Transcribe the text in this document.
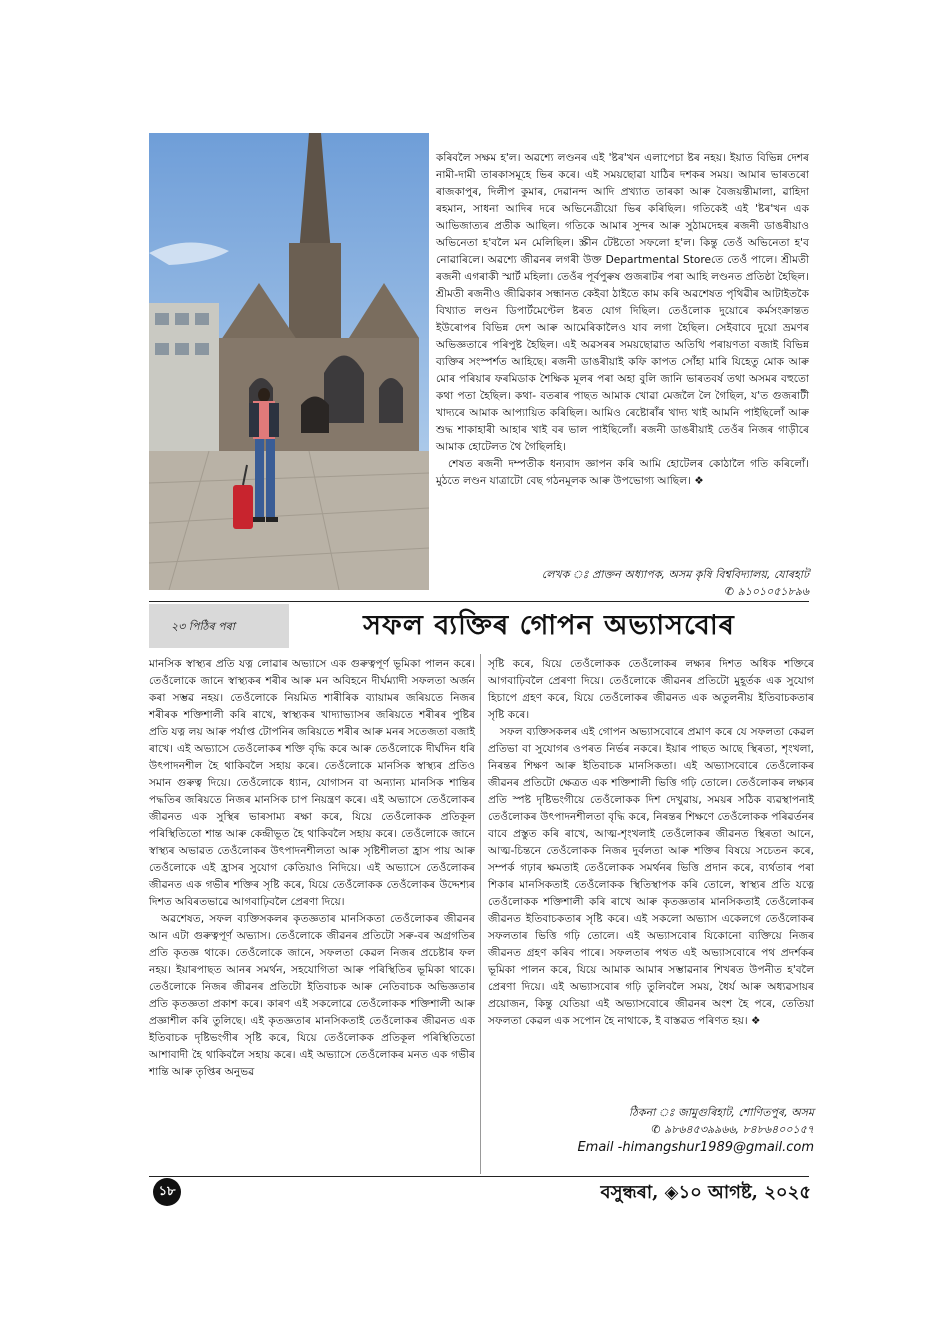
কৰিবলৈ সক্ষম হ'ল। অৱশ্যে লণ্ডনৰ এই 'ষ্টৰ'খন এলাপেচা ষ্টৰ নহয়। ইয়াত বিভিন্ন দেশৰ নামী-দামী তাৰকাসমূহে ভিৰ কৰে। এই সময়ছোৱা যাঠিৰ দশকৰ সময়। আমাৰ ভাৰতৰো ৰাজকাপুৰ, দিলীপ কুমাৰ, দেৱানন্দ আদি প্ৰখ্যাত তাৰকা আৰু বৈজয়ন্তীমালা, ৱাহিদা ৰহমান, সাধনা আদিৰ দৰে অভিনেত্ৰীয়ো ভিৰ কৰিছিল। গতিকেই এই 'ষ্টৰ'খন এক আভিজাত্যৰ প্ৰতীক আছিল। গতিকে আমাৰ সুন্দৰ আৰু সুঠামদেহৰ ৰজনী ডাঙৰীয়াও অভিনেতা হ'বলৈ মন মেলিছিল। স্ক্ৰীন টেষ্টতো সফলো হ'ল। কিন্তু তেওঁ অভিনেতা হ'ব নোৱাৰিলে। অৱশ্যে জীৱনৰ লগৰী উক্ত Departmental Storeতে তেওঁ পালে। শ্ৰীমতী ৰজনী এগৰাকী স্মাৰ্ট মহিলা। তেওঁৰ পূৰ্বপুৰুষ গুজৰাটৰ পৰা আহি লণ্ডনত প্ৰতিষ্ঠা হৈছিল। শ্ৰীমতী ৰজনীও জীৱিকাৰ সন্ধানত কেইবা ঠাইতে কাম কৰি অৱশেষত পৃথিৱীৰ আটাইতকৈ বিখ্যাত লণ্ডন ডিপাৰ্টমেণ্টেল ষ্টৰত যোগ দিছিল। তেওঁলোক দুয়োৰে কৰ্মসংক্ৰান্তত ইউৰোপৰ বিভিন্ন দেশ আৰু আমেৰিকালৈও যাব লগা হৈছিল। সেইবাবে দুয়ো ভ্ৰমণৰ অভিজ্ঞতাৰে পৰিপুষ্ট হৈছিল। এই অৱসৰৰ সময়ছোৱাত অতিথি পৰায়ণতা বজাই বিভিন্ন ব্যক্তিৰ সংস্পৰ্শত আহিছে। ৰজনী ডাঙৰীয়াই কফি কাপত সোঁহা মাৰি যিহেতু মোক আৰু মোৰ পৰিয়াৰ ফৰমিডাক শৈক্ষিক মূলৰ পৰা অহা বুলি জানি ভাৰতবৰ্ষ তথা অসমৰ বহুতো কথা পতা হৈছিল। কথা- বতৰাৰ পাছত আমাক খোৱা মেজলৈ লৈ গৈছিল, য'ত গুজৰাটী খাদ্যৰে আমাক আপ্যায়িত কৰিছিল। আমিও ৰেষ্টোৰাঁৰ খাদ্য খাই আমনি পাইছিলোঁ আৰু শুদ্ধ শাকাহাৰী আহাৰ খাই বৰ ভাল পাইছিলোঁ। ৰজনী ডাঙৰীয়াই তেওঁৰ নিজৰ গাড়ীৰে আমাক হোটেলত থৈ গৈছিলহি।

শেষত ৰজনী দম্পতীক ধন্যবাদ জ্ঞাপন কৰি আমি হোটেলৰ কোঠালৈ গতি কৰিলোঁ। মুঠতে লণ্ডন যাত্ৰাটো বেছ গঠনমূলক আৰু উপভোগ্য আছিল। ❖

লেখক ঃ প্ৰাক্তন অধ্যাপক, অসম কৃষি বিশ্ববিদ্যালয়, যোৰহাট
✆ ৯১০১০৫১৮৯৬
২৩ পিঠিৰ পৰা	সফল ব্যক্তিৰ গোপন অভ্যাসবোৰ

মানসিক স্বাস্থ্যৰ প্ৰতি যত্ন লোৱাৰ অভ্যাসে এক গুৰুত্বপূৰ্ণ ভূমিকা পালন কৰে। তেওঁলোকে জানে স্বাস্থ্যকৰ শৰীৰ আৰু মন অবিহনে দীৰ্ঘম্যাদী সফলতা অৰ্জন কৰা সম্ভৱ নহয়। তেওঁলোকে নিয়মিত শাৰীৰিক ব্যায়ামৰ জৰিয়তে নিজৰ শৰীৰক শক্তিশালী কৰি ৰাখে, স্বাস্থ্যকৰ খাদ্যাভ্যাসৰ জৰিয়তে শৰীৰৰ পুষ্টিৰ প্ৰতি যত্ন লয় আৰু পৰ্যাপ্ত টোপনিৰ জৰিয়তে শৰীৰ আৰু মনৰ সতেজতা বজাই ৰাখে। এই অভ্যাসে তেওঁলোকৰ শক্তি বৃদ্ধি কৰে আৰু তেওঁলোকে দীৰ্ঘদিন ধৰি উৎপাদনশীল হৈ থাকিবলৈ সহায় কৰে। তেওঁলোকে মানসিক স্বাস্থ্যৰ প্ৰতিও সমান গুৰুত্ব দিয়ে। তেওঁলোকে ধ্যান, যোগাসন বা অন্যান্য মানসিক শান্তিৰ পদ্ধতিৰ জৰিয়তে নিজৰ মানসিক চাপ নিয়ন্ত্ৰণ কৰে। এই অভ্যাসে তেওঁলোকৰ জীৱনত এক সুস্থিৰ ভাৰসাম্য ৰক্ষা কৰে, যিয়ে তেওঁলোকক প্ৰতিকূল পৰিস্থিতিতো শান্ত আৰু কেন্দ্ৰীভূত হৈ থাকিবলৈ সহায় কৰে। তেওঁলোকে জানে স্বাস্থ্যৰ অভাৱত তেওঁলোকৰ উৎপাদনশীলতা আৰু সৃষ্টিশীলতা হ্ৰাস পায় আৰু তেওঁলোকে এই হ্ৰাসৰ সুযোগ কেতিয়াও নিদিয়ে। এই অভ্যাসে তেওঁলোকৰ জীৱনত এক গভীৰ শক্তিৰ সৃষ্টি কৰে, যিয়ে তেওঁলোকক তেওঁলোকৰ উদ্দেশ্যৰ দিশত অবিৰতভাৱে আগবাঢ়িবলৈ প্ৰেৰণা দিয়ে।

অৱশেষত, সফল ব্যক্তিসকলৰ কৃতজ্ঞতাৰ মানসিকতা তেওঁলোকৰ জীৱনৰ আন এটা গুৰুত্বপূৰ্ণ অভ্যাস। তেওঁলোকে জীৱনৰ প্ৰতিটো সৰু-বৰ অগ্ৰগতিৰ প্ৰতি কৃতজ্ঞ থাকে। তেওঁলোকে জানে, সফলতা কেৱল নিজৰ প্ৰচেষ্টাৰ ফল নহয়। ইয়াৰপাছত আনৰ সমৰ্থন, সহযোগিতা আৰু পৰিস্থিতিৰ ভূমিকা থাকে। তেওঁলোকে নিজৰ জীৱনৰ প্ৰতিটো ইতিবাচক আৰু নেতিবাচক অভিজ্ঞতাৰ প্ৰতি কৃতজ্ঞতা প্ৰকাশ কৰে। কাৰণ এই সকলোৱে তেওঁলোকক শক্তিশালী আৰু প্ৰজ্ঞাশীল কৰি তুলিছে। এই কৃতজ্ঞতাৰ মানসিকতাই তেওঁলোকৰ জীৱনত এক ইতিবাচক দৃষ্টিভংগীৰ সৃষ্টি কৰে, যিয়ে তেওঁলোকক প্ৰতিকূল পৰিস্থিতিতো আশাবাদী হৈ থাকিবলৈ সহায় কৰে। এই অভ্যাসে তেওঁলোকৰ মনত এক গভীৰ শান্তি আৰু তৃপ্তিৰ অনুভৱ

সৃষ্টি কৰে, যিয়ে তেওঁলোকক তেওঁলোকৰ লক্ষ্যৰ দিশত অধিক শক্তিৰে আগবাঢ়িবলৈ প্ৰেৰণা দিয়ে। তেওঁলোকে জীৱনৰ প্ৰতিটো মুহূৰ্তক এক সুযোগ হিচাপে গ্ৰহণ কৰে, যিয়ে তেওঁলোকৰ জীৱনত এক অতুলনীয় ইতিবাচকতাৰ সৃষ্টি কৰে।

সফল ব্যক্তিসকলৰ এই গোপন অভ্যাসবোৰে প্ৰমাণ কৰে যে সফলতা কেৱল প্ৰতিভা বা সুযোগৰ ওপৰত নিৰ্ভৰ নকৰে। ইয়াৰ পাছত আছে স্থিৰতা, শৃংখলা, নিৰন্তৰ শিক্ষণ আৰু ইতিবাচক মানসিকতা। এই অভ্যাসবোৰে তেওঁলোকৰ জীৱনৰ প্ৰতিটো ক্ষেত্ৰত এক শক্তিশালী ভিত্তি গঢ়ি তোলে। তেওঁলোকৰ লক্ষ্যৰ প্ৰতি স্পষ্ট দৃষ্টিভংগীয়ে তেওঁলোকক দিশ দেখুৱায়, সময়ৰ সঠিক ব্যৱস্থাপনাই তেওঁলোকৰ উৎপাদনশীলতা বৃদ্ধি কৰে, নিৰন্তৰ শিক্ষণে তেওঁলোকক পৰিৱৰ্তনৰ বাবে প্ৰস্তুত কৰি ৰাখে, আত্ম-শৃংখলাই তেওঁলোকৰ জীৱনত স্থিৰতা আনে, আত্ম-চিন্তনে তেওঁলোকক নিজৰ দুৰ্বলতা আৰু শক্তিৰ বিষয়ে সচেতন কৰে, সম্পৰ্ক গঢ়াৰ ক্ষমতাই তেওঁলোকক সমৰ্থনৰ ভিত্তি প্ৰদান কৰে, ব্যৰ্থতাৰ পৰা শিকাৰ মানসিকতাই তেওঁলোকক স্থিতিস্থাপক কৰি তোলে, স্বাস্থ্যৰ প্ৰতি যত্নে তেওঁলোকক শক্তিশালী কৰি ৰাখে আৰু কৃতজ্ঞতাৰ মানসিকতাই তেওঁলোকৰ জীৱনত ইতিবাচকতাৰ সৃষ্টি কৰে। এই সকলো অভ্যাস একেলগে তেওঁলোকৰ সফলতাৰ ভিত্তি গঢ়ি তোলে। এই অভ্যাসবোৰ যিকোনো ব্যক্তিয়ে নিজৰ জীৱনত গ্ৰহণ কৰিব পাৰে। সফলতাৰ পথত এই অভ্যাসবোৰে পথ প্ৰদৰ্শকৰ ভূমিকা পালন কৰে, যিয়ে আমাক আমাৰ সম্ভাৱনাৰ শিখৰত উপনীত হ'বলৈ প্ৰেৰণা দিয়ে। এই অভ্যাসবোৰ গঢ়ি তুলিবলৈ সময়, ধৈৰ্য আৰু অধ্যৱসায়ৰ প্ৰয়োজন, কিন্তু যেতিয়া এই অভ্যাসবোৰে জীৱনৰ অংশ হৈ পৰে, তেতিয়া সফলতা কেৱল এক সপোন হৈ নাথাকে, ই বাস্তৱত পৰিণত হয়। ❖

ঠিকনা ঃ জামুগুৰিহাট, শোণিতপুৰ, অসম
✆ ৯৮৬৪৫৩৯৯৬৬, ৮৪৮৬৪০০১৫৭
Email -himangshur1989@gmail.com
১৮	বসুন্ধৰা, ◈১০ আগষ্ট, ২০২৫
